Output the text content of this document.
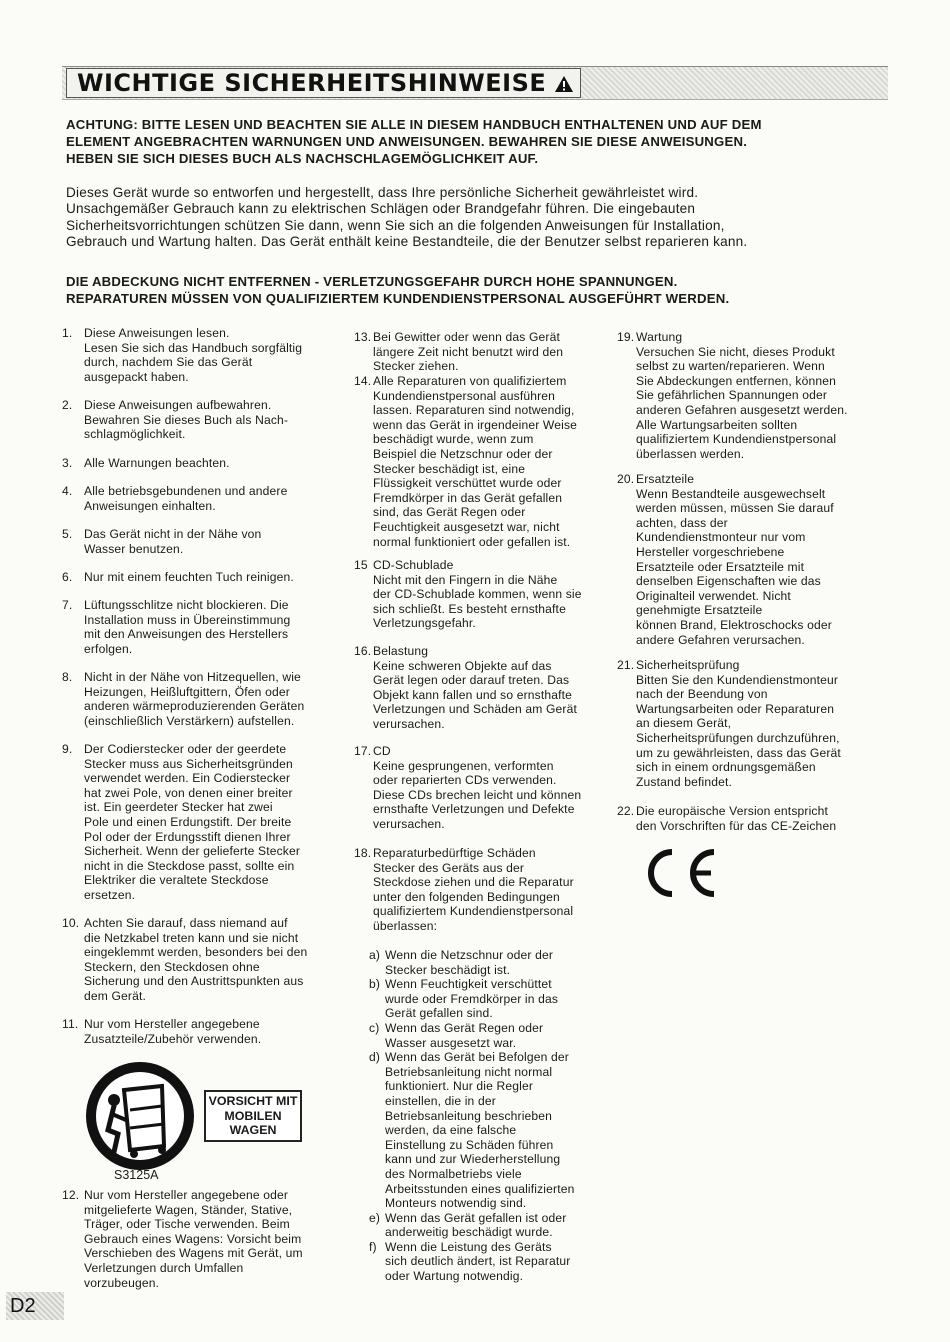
WICHTIGE SICHERHEITSHINWEISE

ACHTUNG: BITTE LESEN UND BEACHTEN SIE ALLE IN DIESEM HANDBUCH ENTHALTENEN UND AUF DEM

ELEMENT ANGEBRACHTEN WARNUNGEN UND ANWEISUNGEN. BEWAHREN SIE DIESE ANWEISUNGEN.

HEBEN SIE SICH DIESES BUCH ALS NACHSCHLAGEMÖGLICHKEIT AUF.

Dieses Gerät wurde so entworfen und hergestellt, dass Ihre persönliche Sicherheit gewährleistet wird.
Unsachgemäßer Gebrauch kann zu elektrischen Schlägen oder Brandgefahr führen. Die eingebauten
Sicherheitsvorrichtungen schützen Sie dann, wenn Sie sich an die folgenden Anweisungen für Installation,
Gebrauch und Wartung halten. Das Gerät enthält keine Bestandteile, die der Benutzer selbst reparieren kann.

DIE ABDECKUNG NICHT ENTFERNEN - VERLETZUNGSGEFAHR DURCH HOHE SPANNUNGEN.

REPARATUREN MÜSSEN VON QUALIFIZIERTEM KUNDENDIENSTPERSONAL AUSGEFÜHRT WERDEN.

1. Diese Anweisungen lesen.
Lesen Sie sich das Handbuch sorgfältig
durch, nachdem Sie das Gerät
ausgepackt haben.
2. Diese Anweisungen aufbewahren.
Bewahren Sie dieses Buch als Nach-
schlagmöglichkeit.
3. Alle Warnungen beachten.
4. Alle betriebsgebundenen und andere
Anweisungen einhalten.
5. Das Gerät nicht in der Nähe von
Wasser benutzen.
6. Nur mit einem feuchten Tuch reinigen.
7. Lüftungsschlitze nicht blockieren. Die
Installation muss in Übereinstimmung
mit den Anweisungen des Herstellers
erfolgen.
8. Nicht in der Nähe von Hitzequellen, wie
Heizungen, Heißluftgittern, Öfen oder
anderen wärmeproduzierenden Geräten
(einschließlich Verstärkern) aufstellen.
9. Der Codierstecker oder der geerdete
Stecker muss aus Sicherheitsgründen
verwendet werden. Ein Codierstecker
hat zwei Pole, von denen einer breiter
ist. Ein geerdeter Stecker hat zwei
Pole und einen Erdungstift. Der breite
Pol oder der Erdungsstift dienen Ihrer
Sicherheit. Wenn der gelieferte Stecker
nicht in die Steckdose passt, sollte ein
Elektriker die veraltete Steckdose
ersetzen.
10. Achten Sie darauf, dass niemand auf
die Netzkabel treten kann und sie nicht
eingeklemmt werden, besonders bei den
Steckern, den Steckdosen ohne
Sicherung und den Austrittspunkten aus
dem Gerät.
11. Nur vom Hersteller angegebene
Zusatzteile/Zubehör verwenden.
12. Nur vom Hersteller angegebene oder
mitgelieferte Wagen, Ständer, Stative,
Träger, oder Tische verwenden. Beim
Gebrauch eines Wagens: Vorsicht beim
Verschieben des Wagens mit Gerät, um
Verletzungen durch Umfallen
vorzubeugen.
VORSICHT MIT
MOBILEN
WAGEN
S3125A
13. Bei Gewitter oder wenn das Gerät
längere Zeit nicht benutzt wird den
Stecker ziehen.
14. Alle Reparaturen von qualifiziertem
Kundendienstpersonal ausführen
lassen. Reparaturen sind notwendig,
wenn das Gerät in irgendeiner Weise
beschädigt wurde, wenn zum
Beispiel die Netzschnur oder der
Stecker beschädigt ist, eine
Flüssigkeit verschüttet wurde oder
Fremdkörper in das Gerät gefallen
sind, das Gerät Regen oder
Feuchtigkeit ausgesetzt war, nicht
normal funktioniert oder gefallen ist.
15 CD-Schublade
Nicht mit den Fingern in die Nähe
der CD-Schublade kommen, wenn sie
sich schließt. Es besteht ernsthafte
Verletzungsgefahr.
16. Belastung
Keine schweren Objekte auf das
Gerät legen oder darauf treten. Das
Objekt kann fallen und so ernsthafte
Verletzungen und Schäden am Gerät
verursachen.
17. CD
Keine gesprungenen, verformten
oder reparierten CDs verwenden.
Diese CDs brechen leicht und können
ernsthafte Verletzungen und Defekte
verursachen.
18. Reparaturbedürftige Schäden
Stecker des Geräts aus der
Steckdose ziehen und die Reparatur
unter den folgenden Bedingungen
qualifiziertem Kundendienstpersonal
überlassen:
a) Wenn die Netzschnur oder der
Stecker beschädigt ist.
b) Wenn Feuchtigkeit verschüttet
wurde oder Fremdkörper in das
Gerät gefallen sind.
c) Wenn das Gerät Regen oder
Wasser ausgesetzt war.
d) Wenn das Gerät bei Befolgen der
Betriebsanleitung nicht normal
funktioniert. Nur die Regler
einstellen, die in der
Betriebsanleitung beschrieben
werden, da eine falsche
Einstellung zu Schäden führen
kann und zur Wiederherstellung
des Normalbetriebs viele
Arbeitsstunden eines qualifizierten
Monteurs notwendig sind.
e) Wenn das Gerät gefallen ist oder
anderweitig beschädigt wurde.
f) Wenn die Leistung des Geräts
sich deutlich ändert, ist Reparatur
oder Wartung notwendig.
19. Wartung
Versuchen Sie nicht, dieses Produkt
selbst zu warten/reparieren. Wenn
Sie Abdeckungen entfernen, können
Sie gefährlichen Spannungen oder
anderen Gefahren ausgesetzt werden.
Alle Wartungsarbeiten sollten
qualifiziertem Kundendienstpersonal
überlassen werden.
20. Ersatzteile
Wenn Bestandteile ausgewechselt
werden müssen, müssen Sie darauf
achten, dass der
Kundendienstmonteur nur vom
Hersteller vorgeschriebene
Ersatzteile oder Ersatzteile mit
denselben Eigenschaften wie das
Originalteil verwendet. Nicht
genehmigte Ersatzteile
können Brand, Elektroschocks oder
andere Gefahren verursachen.
21. Sicherheitsprüfung
Bitten Sie den Kundendienstmonteur
nach der Beendung von
Wartungsarbeiten oder Reparaturen
an diesem Gerät,
Sicherheitsprüfungen durchzuführen,
um zu gewährleisten, dass das Gerät
sich in einem ordnungsgemäßen
Zustand befindet.
22. Die europäische Version entspricht
den Vorschriften für das CE-Zeichen
D2
